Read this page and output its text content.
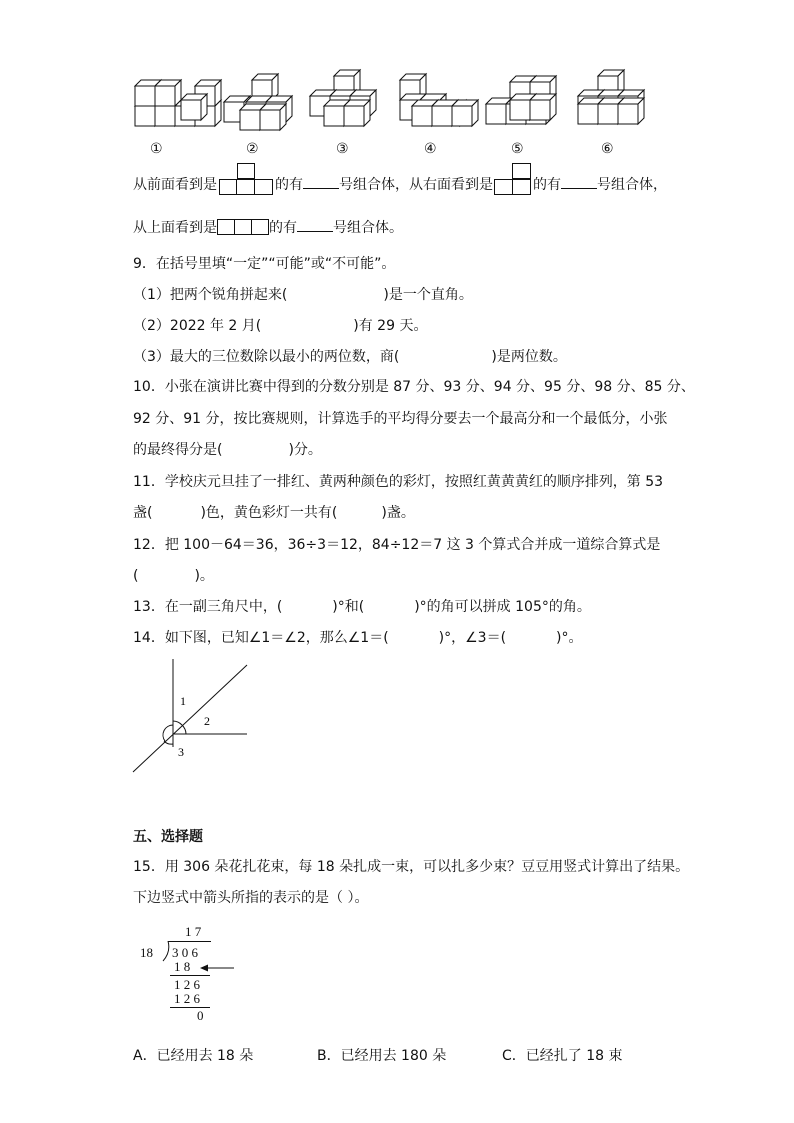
①	②	③	④	⑤	⑥
从前面看到是	的有	号组合体，从右面看到是	的有	号组合体，
从上面看到是	的有	号组合体。
9．在括号里填“一定”“可能”或“不可能”。
（1）把两个锐角拼起来(	)是一个直角。
（2）2022 年 2 月(	)有 29 天。
（3）最大的三位数除以最小的两位数，商(	)是两位数。
10．小张在演讲比赛中得到的分数分别是 87 分、93 分、94 分、95 分、98 分、85 分、
92 分、91 分，按比赛规则，计算选手的平均得分要去一个最高分和一个最低分，小张
的最终得分是(	)分。
11．学校庆元旦挂了一排红、黄两种颜色的彩灯，按照红黄黄黄红的顺序排列，第 53
盏(	)色，黄色彩灯一共有(	)盏。
12．把 100－64＝36，36÷3＝12，84÷12＝7 这 3 个算式合并成一道综合算式是
(	)。
13．在一副三角尺中，(	)°和(	)°的角可以拼成 105°的角。
14．如下图，已知∠1＝∠2，那么∠1＝(	)°，∠3＝(	)°。
1
2
3
五、选择题
15．用 306 朵花扎花束，每 18 朵扎成一束，可以扎多少束？豆豆用竖式计算出了结果。
下边竖式中箭头所指的表示的是（ ）。
1 7
18 3 0 6
1 8
1 2 6
1 2 6
0
A．已经用去 18 朵	B．已经用去 180 朵	C．已经扎了 18 束
